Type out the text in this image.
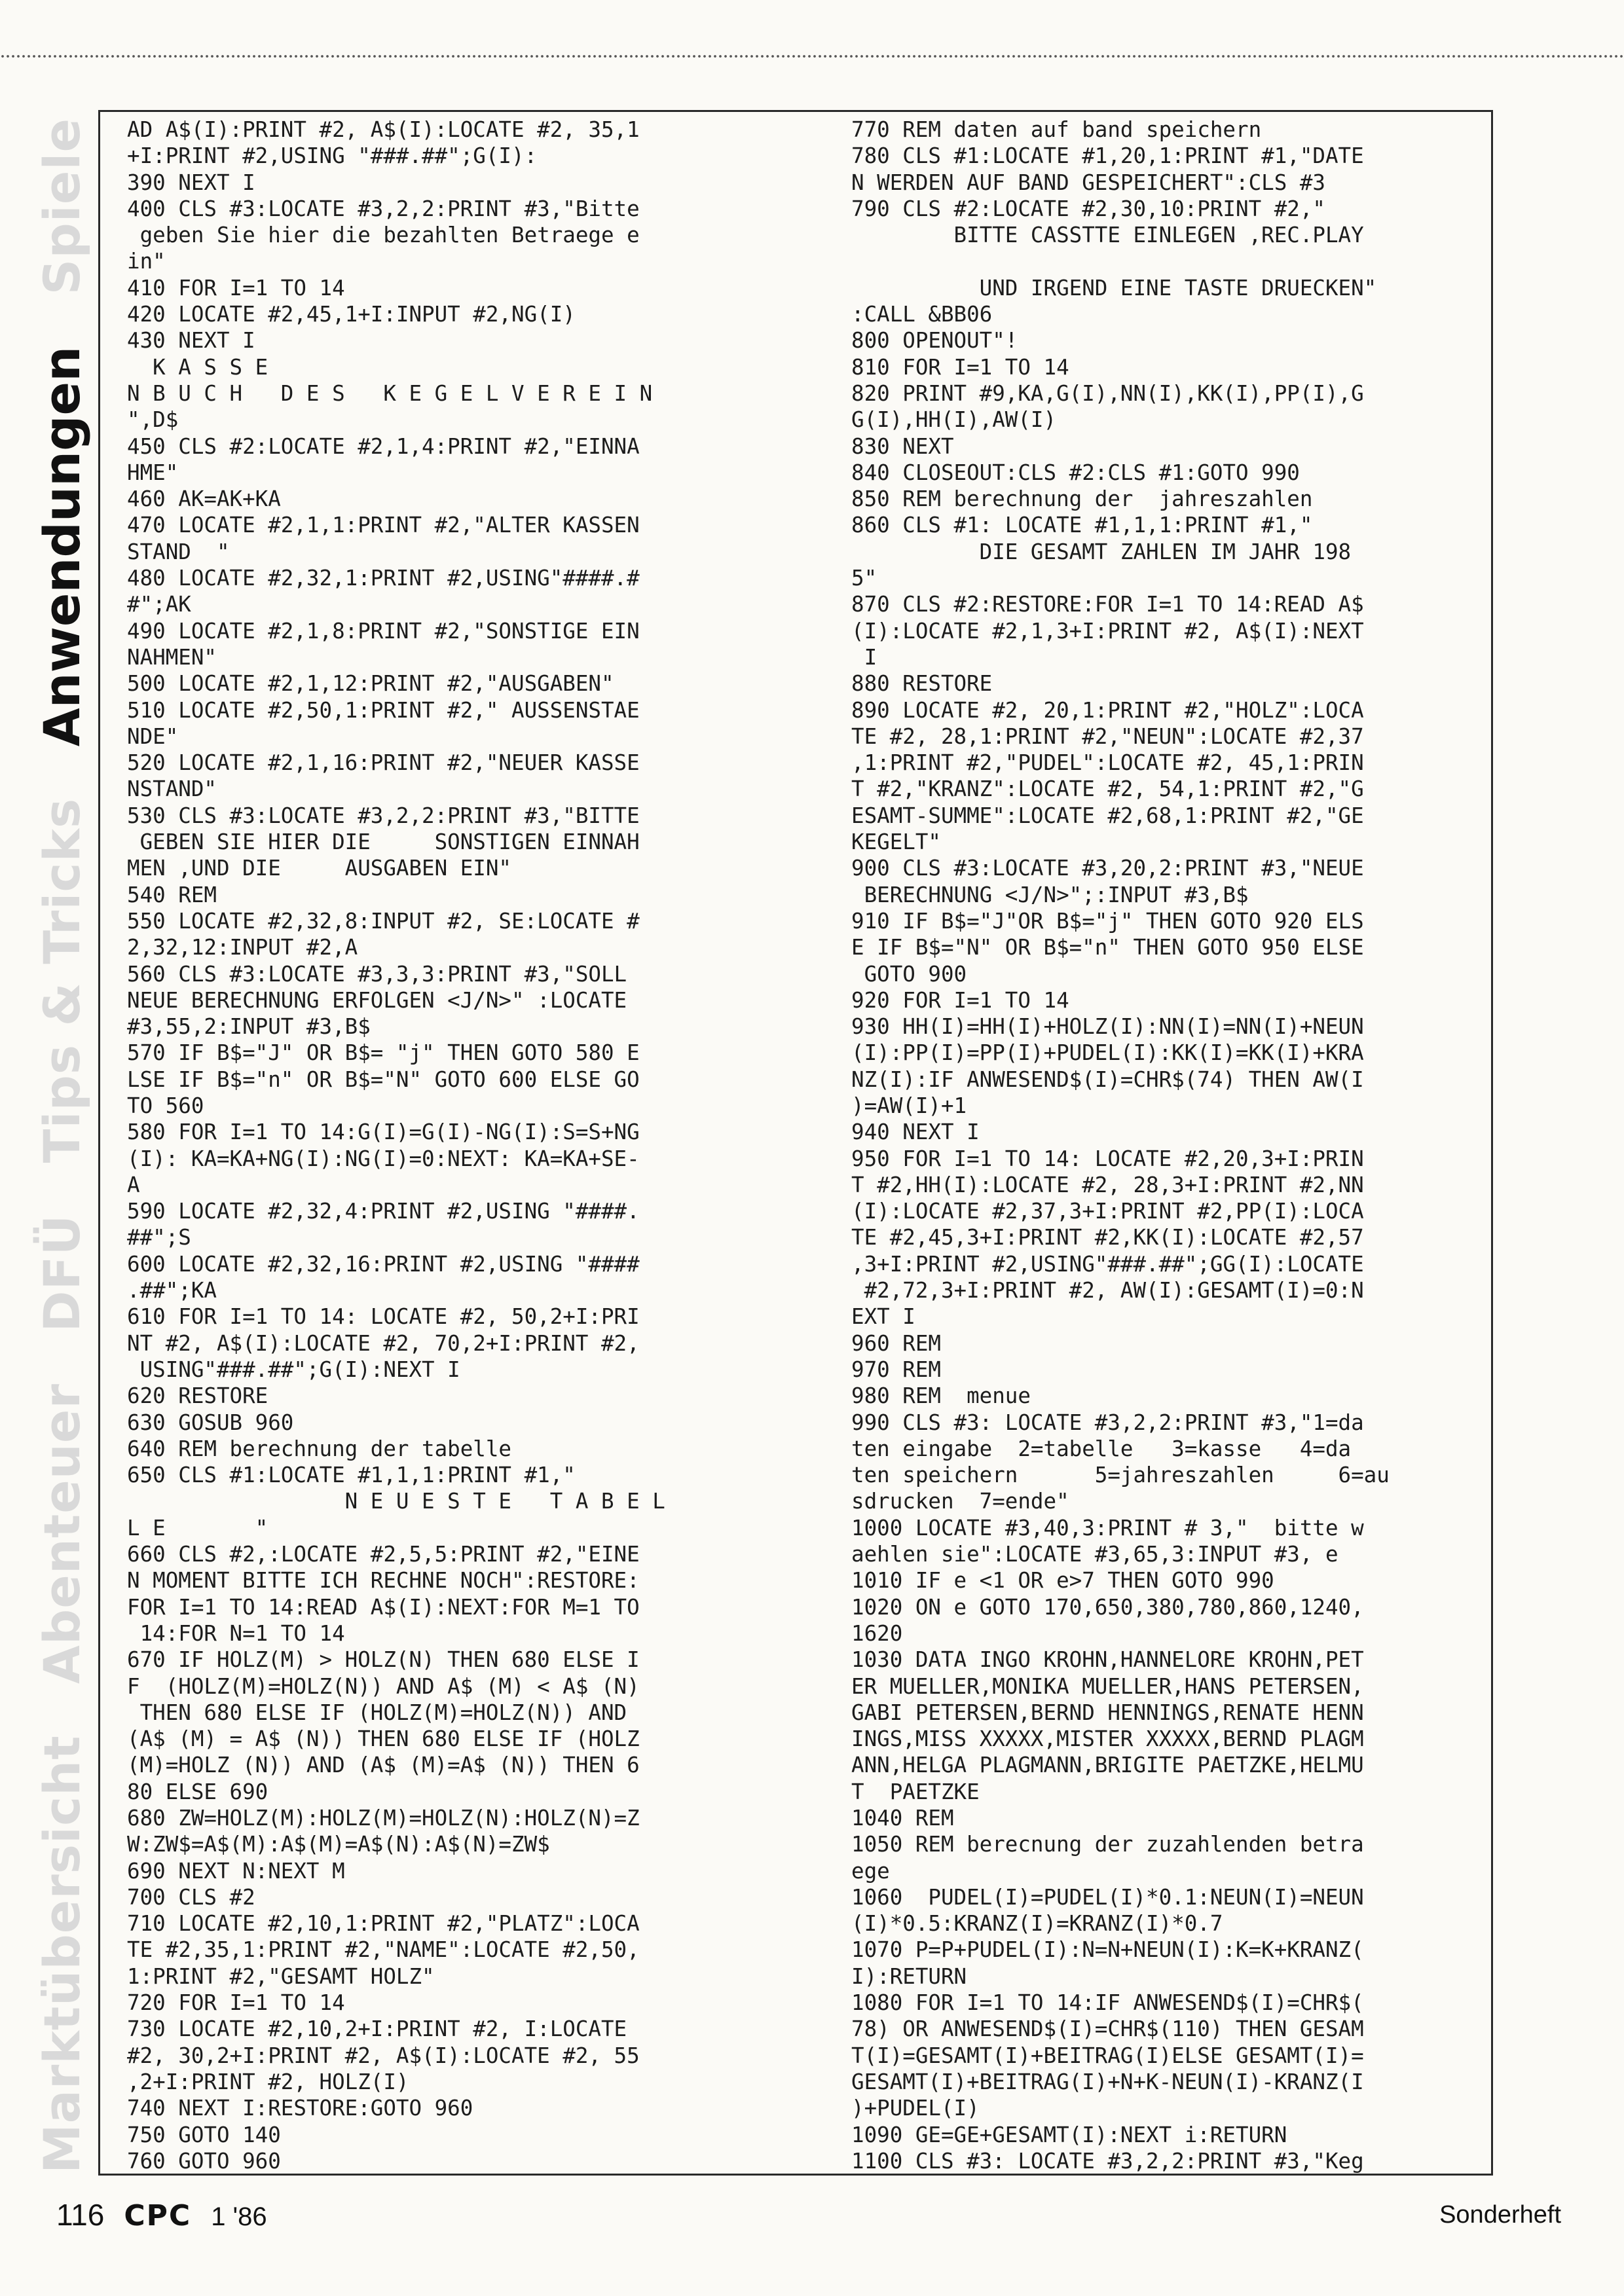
Marktübersicht
Abenteuer
DFÜ
Tips & Tricks
Anwendungen
Spiele AD A$(I):PRINT #2, A$(I):LOCATE #2, 35,1
+I:PRINT #2,USING "###.##";G(I):
390 NEXT I
400 CLS #3:LOCATE #3,2,2:PRINT #3,"Bitte
geben Sie hier die bezahlten Betraege e
in"
410 FOR I=1 TO 14
420 LOCATE #2,45,1+I:INPUT #2,NG(I)
430 NEXT I
K A S S E
N B U C H   D E S   K E G E L V E R E I N
",D$
450 CLS #2:LOCATE #2,1,4:PRINT #2,"EINNA
HME"
460 AK=AK+KA
470 LOCATE #2,1,1:PRINT #2,"ALTER KASSEN
STAND  "
480 LOCATE #2,32,1:PRINT #2,USING"####.#
#";AK
490 LOCATE #2,1,8:PRINT #2,"SONSTIGE EIN
NAHMEN"
500 LOCATE #2,1,12:PRINT #2,"AUSGABEN"
510 LOCATE #2,50,1:PRINT #2," AUSSENSTAE
NDE"
520 LOCATE #2,1,16:PRINT #2,"NEUER KASSE
NSTAND"
530 CLS #3:LOCATE #3,2,2:PRINT #3,"BITTE
GEBEN SIE HIER DIE     SONSTIGEN EINNAH
MEN ,UND DIE     AUSGABEN EIN"
540 REM
550 LOCATE #2,32,8:INPUT #2, SE:LOCATE #
2,32,12:INPUT #2,A
560 CLS #3:LOCATE #3,3,3:PRINT #3,"SOLL
NEUE BERECHNUNG ERFOLGEN <J/N>" :LOCATE
#3,55,2:INPUT #3,B$
570 IF B$="J" OR B$= "j" THEN GOTO 580 E
LSE IF B$="n" OR B$="N" GOTO 600 ELSE GO
TO 560
580 FOR I=1 TO 14:G(I)=G(I)-NG(I):S=S+NG
(I): KA=KA+NG(I):NG(I)=0:NEXT: KA=KA+SE-
A
590 LOCATE #2,32,4:PRINT #2,USING "####.
##";S
600 LOCATE #2,32,16:PRINT #2,USING "####
.##";KA
610 FOR I=1 TO 14: LOCATE #2, 50,2+I:PRI
NT #2, A$(I):LOCATE #2, 70,2+I:PRINT #2,
USING"###.##";G(I):NEXT I
620 RESTORE
630 GOSUB 960
640 REM berechnung der tabelle
650 CLS #1:LOCATE #1,1,1:PRINT #1,"
N E U E S T E   T A B E L
L E       "
660 CLS #2,:LOCATE #2,5,5:PRINT #2,"EINE
N MOMENT BITTE ICH RECHNE NOCH":RESTORE:
FOR I=1 TO 14:READ A$(I):NEXT:FOR M=1 TO
14:FOR N=1 TO 14
670 IF HOLZ(M) > HOLZ(N) THEN 680 ELSE I
F  (HOLZ(M)=HOLZ(N)) AND A$ (M) < A$ (N)
THEN 680 ELSE IF (HOLZ(M)=HOLZ(N)) AND
(A$ (M) = A$ (N)) THEN 680 ELSE IF (HOLZ
(M)=HOLZ (N)) AND (A$ (M)=A$ (N)) THEN 6
80 ELSE 690
680 ZW=HOLZ(M):HOLZ(M)=HOLZ(N):HOLZ(N)=Z
W:ZW$=A$(M):A$(M)=A$(N):A$(N)=ZW$
690 NEXT N:NEXT M
700 CLS #2
710 LOCATE #2,10,1:PRINT #2,"PLATZ":LOCA
TE #2,35,1:PRINT #2,"NAME":LOCATE #2,50,
1:PRINT #2,"GESAMT HOLZ"
720 FOR I=1 TO 14
730 LOCATE #2,10,2+I:PRINT #2, I:LOCATE
#2, 30,2+I:PRINT #2, A$(I):LOCATE #2, 55
,2+I:PRINT #2, HOLZ(I)
740 NEXT I:RESTORE:GOTO 960
750 GOTO 140
760 GOTO 960
770 REM daten auf band speichern
780 CLS #1:LOCATE #1,20,1:PRINT #1,"DATE
N WERDEN AUF BAND GESPEICHERT":CLS #3
790 CLS #2:LOCATE #2,30,10:PRINT #2,"
BITTE CASSTTE EINLEGEN ,REC.PLAY

UND IRGEND EINE TASTE DRUECKEN"
:CALL &BB06
800 OPENOUT"!
810 FOR I=1 TO 14
820 PRINT #9,KA,G(I),NN(I),KK(I),PP(I),G
G(I),HH(I),AW(I)
830 NEXT
840 CLOSEOUT:CLS #2:CLS #1:GOTO 990
850 REM berechnung der  jahreszahlen
860 CLS #1: LOCATE #1,1,1:PRINT #1,"
DIE GESAMT ZAHLEN IM JAHR 198
5"
870 CLS #2:RESTORE:FOR I=1 TO 14:READ A$
(I):LOCATE #2,1,3+I:PRINT #2, A$(I):NEXT
I
880 RESTORE
890 LOCATE #2, 20,1:PRINT #2,"HOLZ":LOCA
TE #2, 28,1:PRINT #2,"NEUN":LOCATE #2,37
,1:PRINT #2,"PUDEL":LOCATE #2, 45,1:PRIN
T #2,"KRANZ":LOCATE #2, 54,1:PRINT #2,"G
ESAMT-SUMME":LOCATE #2,68,1:PRINT #2,"GE
KEGELT"
900 CLS #3:LOCATE #3,20,2:PRINT #3,"NEUE
BERECHNUNG <J/N>";:INPUT #3,B$
910 IF B$="J"OR B$="j" THEN GOTO 920 ELS
E IF B$="N" OR B$="n" THEN GOTO 950 ELSE
GOTO 900
920 FOR I=1 TO 14
930 HH(I)=HH(I)+HOLZ(I):NN(I)=NN(I)+NEUN
(I):PP(I)=PP(I)+PUDEL(I):KK(I)=KK(I)+KRA
NZ(I):IF ANWESEND$(I)=CHR$(74) THEN AW(I
)=AW(I)+1
940 NEXT I
950 FOR I=1 TO 14: LOCATE #2,20,3+I:PRIN
T #2,HH(I):LOCATE #2, 28,3+I:PRINT #2,NN
(I):LOCATE #2,37,3+I:PRINT #2,PP(I):LOCA
TE #2,45,3+I:PRINT #2,KK(I):LOCATE #2,57
,3+I:PRINT #2,USING"###.##";GG(I):LOCATE
#2,72,3+I:PRINT #2, AW(I):GESAMT(I)=0:N
EXT I
960 REM
970 REM
980 REM  menue
990 CLS #3: LOCATE #3,2,2:PRINT #3,"1=da
ten eingabe  2=tabelle   3=kasse   4=da
ten speichern      5=jahreszahlen     6=au
sdrucken  7=ende"
1000 LOCATE #3,40,3:PRINT # 3,"  bitte w
aehlen sie":LOCATE #3,65,3:INPUT #3, e
1010 IF e <1 OR e>7 THEN GOTO 990
1020 ON e GOTO 170,650,380,780,860,1240,
1620
1030 DATA INGO KROHN,HANNELORE KROHN,PET
ER MUELLER,MONIKA MUELLER,HANS PETERSEN,
GABI PETERSEN,BERND HENNINGS,RENATE HENN
INGS,MISS XXXXX,MISTER XXXXX,BERND PLAGM
ANN,HELGA PLAGMANN,BRIGITE PAETZKE,HELMU
T  PAETZKE
1040 REM
1050 REM berecnung der zuzahlenden betra
ege
1060  PUDEL(I)=PUDEL(I)*0.1:NEUN(I)=NEUN
(I)*0.5:KRANZ(I)=KRANZ(I)*0.7
1070 P=P+PUDEL(I):N=N+NEUN(I):K=K+KRANZ(
I):RETURN
1080 FOR I=1 TO 14:IF ANWESEND$(I)=CHR$(
78) OR ANWESEND$(I)=CHR$(110) THEN GESAM
T(I)=GESAMT(I)+BEITRAG(I)ELSE GESAMT(I)=
GESAMT(I)+BEITRAG(I)+N+K-NEUN(I)-KRANZ(I
)+PUDEL(I)
1090 GE=GE+GESAMT(I):NEXT i:RETURN
1100 CLS #3: LOCATE #3,2,2:PRINT #3,"Keg
116 CPC 1 '86	Sonderheft
